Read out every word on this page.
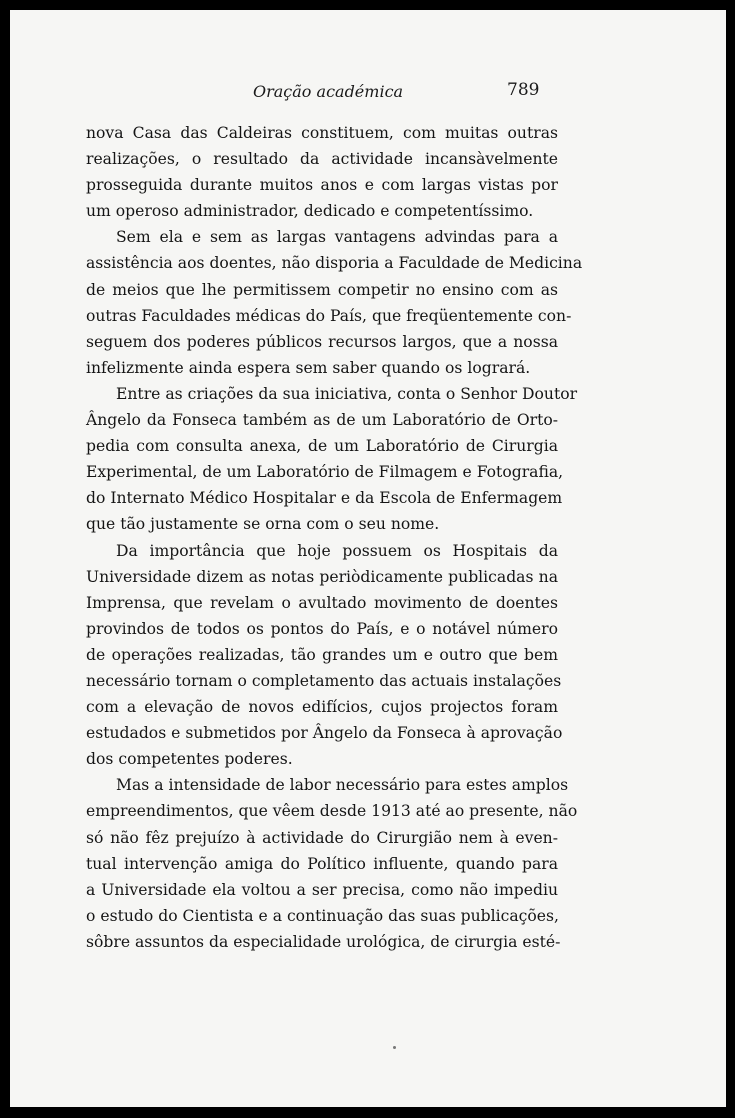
Oração académica	789
nova Casa das Caldeiras constituem, com muitas outras
realizações, o resultado da actividade incansàvelmente
prosseguida durante muitos anos e com largas vistas por
um operoso administrador, dedicado e competentíssimo.
Sem ela e sem as largas vantagens advindas para a
assistência aos doentes, não disporia a Faculdade de Medicina
de meios que lhe permitissem competir no ensino com as
outras Faculdades médicas do País, que freqüentemente con-
seguem dos poderes públicos recursos largos, que a nossa
infelizmente ainda espera sem saber quando os logrará.
Entre as criações da sua iniciativa, conta o Senhor Doutor
Ângelo da Fonseca também as de um Laboratório de Orto-
pedia com consulta anexa, de um Laboratório de Cirurgia
Experimental, de um Laboratório de Filmagem e Fotografia,
do Internato Médico Hospitalar e da Escola de Enfermagem
que tão justamente se orna com o seu nome.
Da importância que hoje possuem os Hospitais da
Universidade dizem as notas periòdicamente publicadas na
Imprensa, que revelam o avultado movimento de doentes
provindos de todos os pontos do País, e o notável número
de operações realizadas, tão grandes um e outro que bem
necessário tornam o completamento das actuais instalações
com a elevação de novos edifícios, cujos projectos foram
estudados e submetidos por Ângelo da Fonseca à aprovação
dos competentes poderes.
Mas a intensidade de labor necessário para estes amplos
empreendimentos, que vêem desde 1913 até ao presente, não
só não fêz prejuízo à actividade do Cirurgião nem à even-
tual intervenção amiga do Político influente, quando para
a Universidade ela voltou a ser precisa, como não impediu
o estudo do Cientista e a continuação das suas publicações,
sôbre assuntos da especialidade urológica, de cirurgia esté-
